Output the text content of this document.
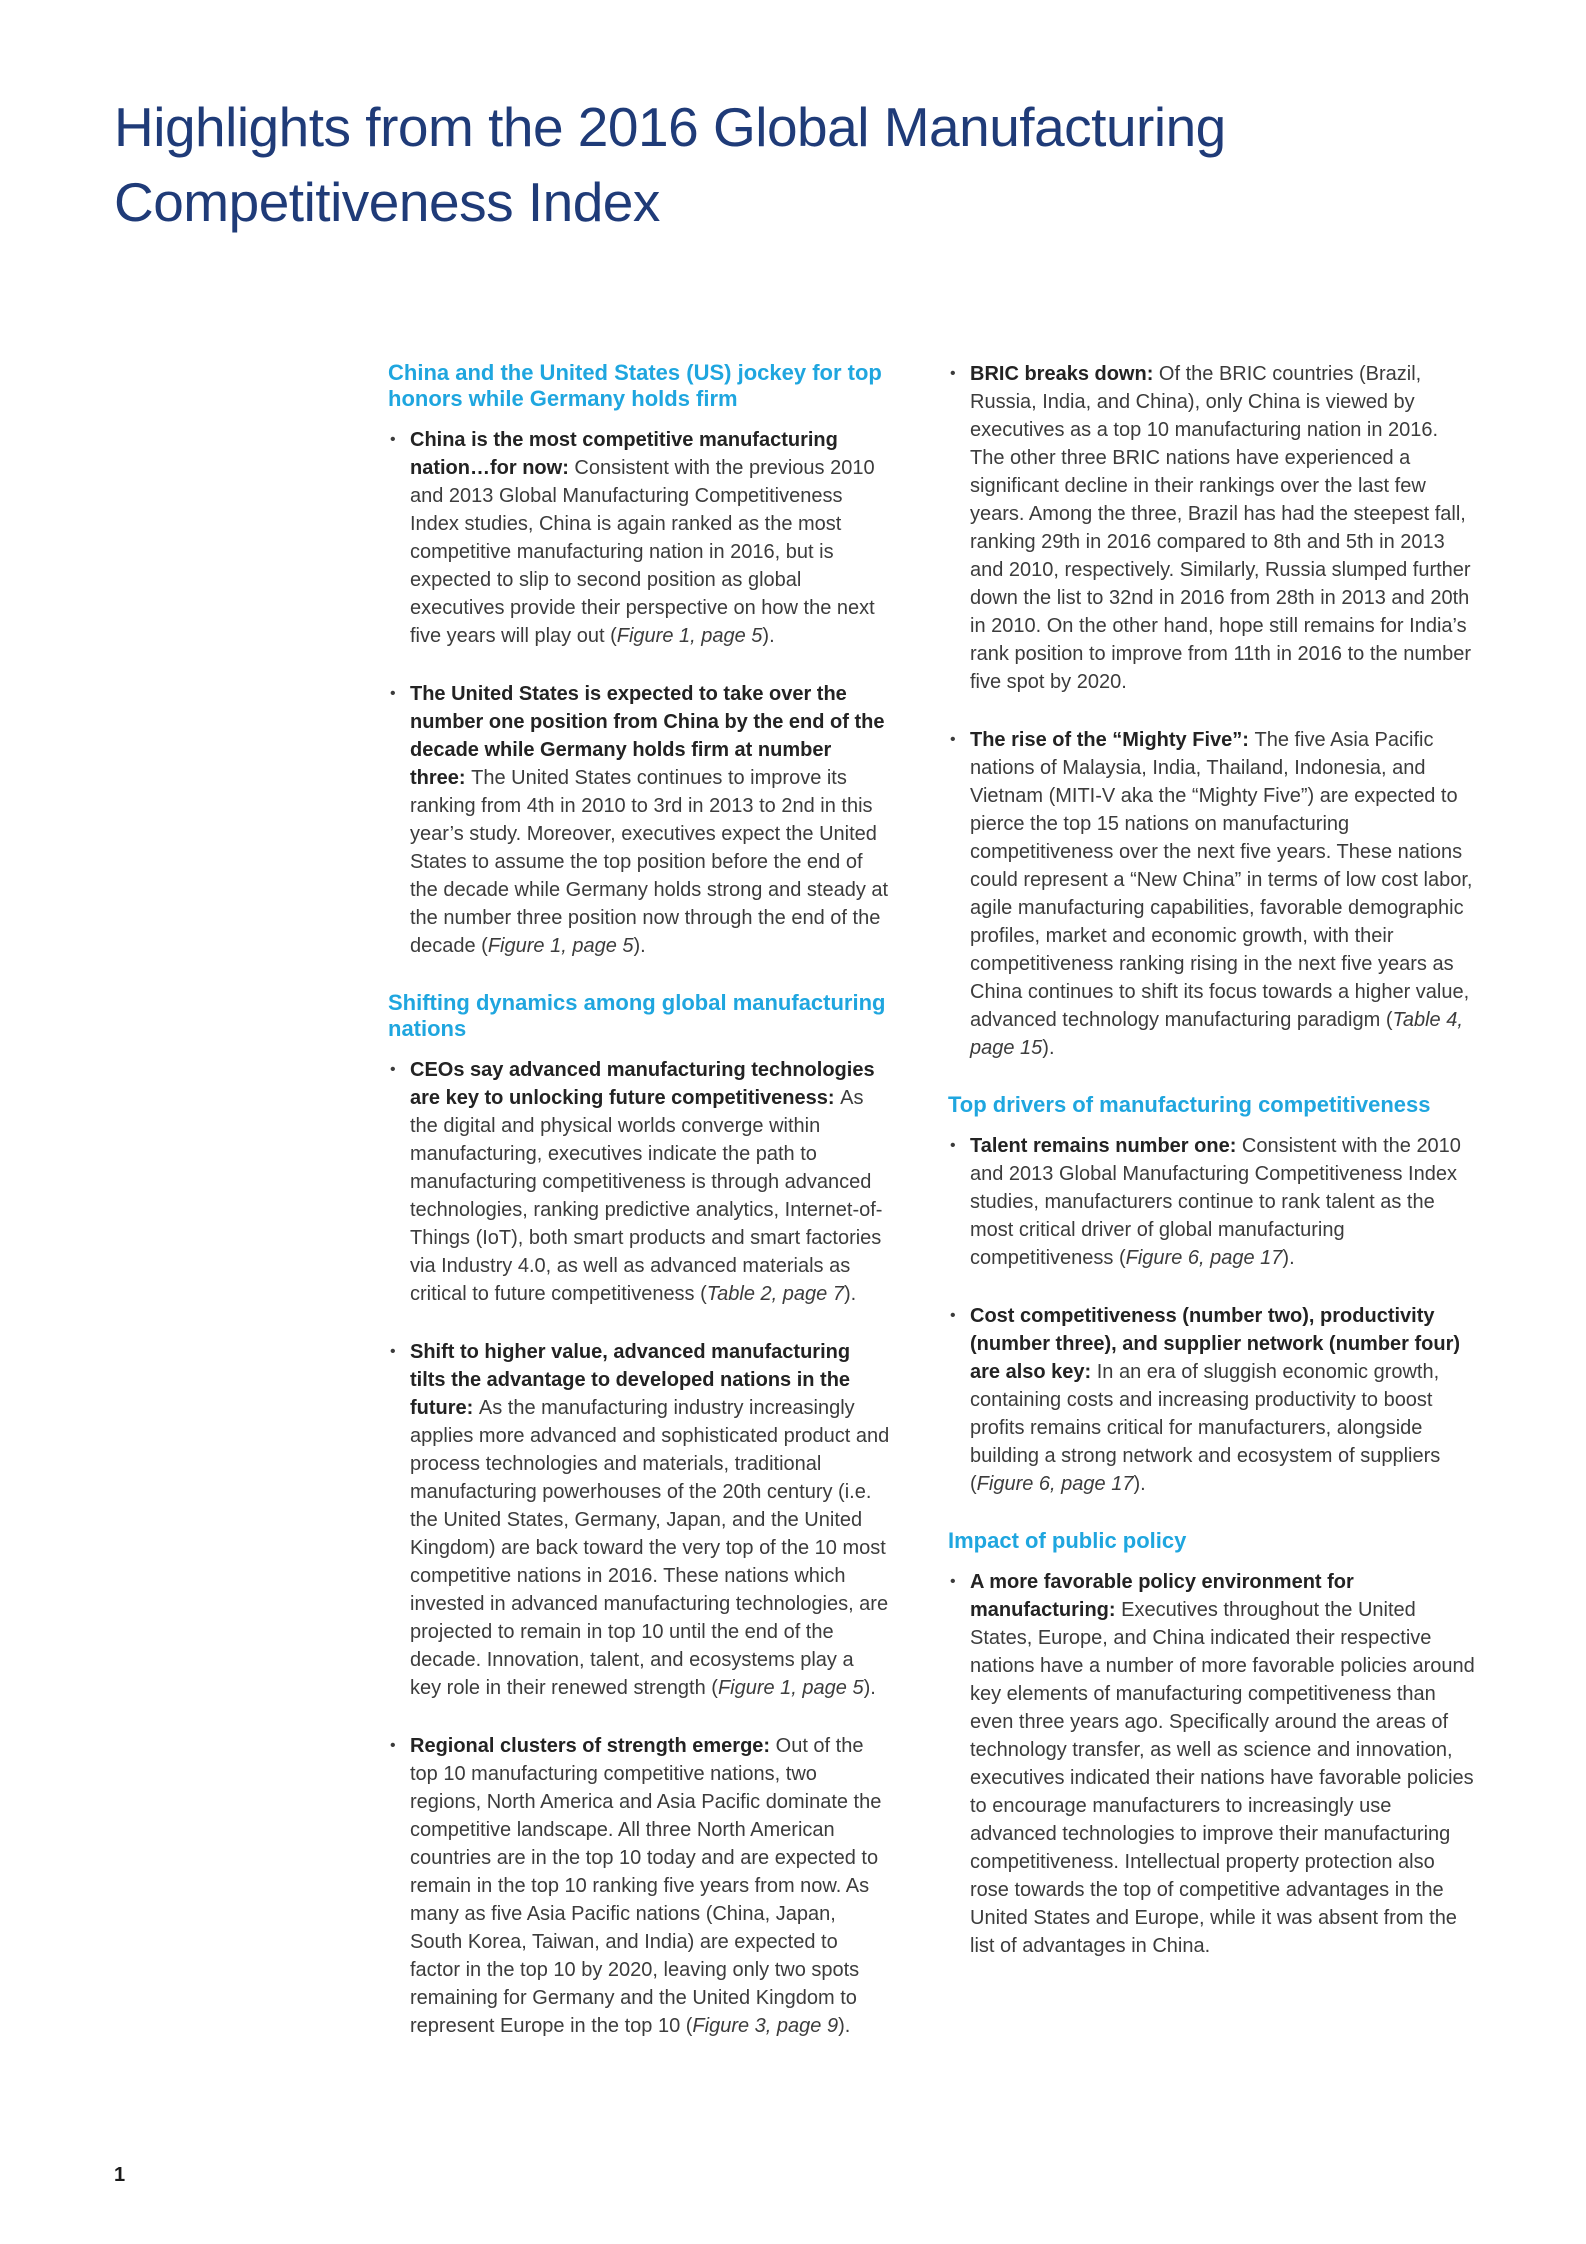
Highlights from the 2016 Global Manufacturing
Competitiveness Index
China and the United States (US) jockey for top honors while Germany holds firm
• China is the most competitive manufacturing nation…for now: Consistent with the previous 2010 and 2013 Global Manufacturing Competitiveness Index studies, China is again ranked as the most competitive manufacturing nation in 2016, but is expected to slip to second position as global executives provide their perspective on how the next five years will play out (Figure 1, page 5).

• The United States is expected to take over the number one position from China by the end of the decade while Germany holds firm at number three: The United States continues to improve its ranking from 4th in 2010 to 3rd in 2013 to 2nd in this year’s study. Moreover, executives expect the United States to assume the top position before the end of the decade while Germany holds strong and steady at the number three position now through the end of the decade (Figure 1, page 5).

Shifting dynamics among global manufacturing nations
• CEOs say advanced manufacturing technologies are key to unlocking future competitiveness: As the digital and physical worlds converge within manufacturing, executives indicate the path to manufacturing competitiveness is through advanced technologies, ranking predictive analytics, Internet-of-Things (IoT), both smart products and smart factories via Industry 4.0, as well as advanced materials as critical to future competitiveness (Table 2, page 7).

• Shift to higher value, advanced manufacturing tilts the advantage to developed nations in the future: As the manufacturing industry increasingly applies more advanced and sophisticated product and process technologies and materials, traditional manufacturing powerhouses of the 20th century (i.e. the United States, Germany, Japan, and the United Kingdom) are back toward the very top of the 10 most competitive nations in 2016. These nations which invested in advanced manufacturing technologies, are projected to remain in top 10 until the end of the decade. Innovation, talent, and ecosystems play a key role in their renewed strength (Figure 1, page 5).

• Regional clusters of strength emerge: Out of the top 10 manufacturing competitive nations, two regions, North America and Asia Pacific dominate the competitive landscape. All three North American countries are in the top 10 today and are expected to remain in the top 10 ranking five years from now. As many as five Asia Pacific nations (China, Japan, South Korea, Taiwan, and India) are expected to factor in the top 10 by 2020, leaving only two spots remaining for Germany and the United Kingdom to represent Europe in the top 10 (Figure 3, page 9).

• BRIC breaks down: Of the BRIC countries (Brazil, Russia, India, and China), only China is viewed by executives as a top 10 manufacturing nation in 2016. The other three BRIC nations have experienced a significant decline in their rankings over the last few years. Among the three, Brazil has had the steepest fall, ranking 29th in 2016 compared to 8th and 5th in 2013 and 2010, respectively. Similarly, Russia slumped further down the list to 32nd in 2016 from 28th in 2013 and 20th in 2010. On the other hand, hope still remains for India’s rank position to improve from 11th in 2016 to the number five spot by 2020.

• The rise of the “Mighty Five”: The five Asia Pacific nations of Malaysia, India, Thailand, Indonesia, and Vietnam (MITI-V aka the “Mighty Five”) are expected to pierce the top 15 nations on manufacturing competitiveness over the next five years. These nations could represent a “New China” in terms of low cost labor, agile manufacturing capabilities, favorable demographic profiles, market and economic growth, with their competitiveness ranking rising in the next five years as China continues to shift its focus towards a higher value, advanced technology manufacturing paradigm (Table 4, page 15).

Top drivers of manufacturing competitiveness
• Talent remains number one: Consistent with the 2010 and 2013 Global Manufacturing Competitiveness Index studies, manufacturers continue to rank talent as the most critical driver of global manufacturing competitiveness (Figure 6, page 17).

• Cost competitiveness (number two), productivity (number three), and supplier network (number four) are also key: In an era of sluggish economic growth, containing costs and increasing productivity to boost profits remains critical for manufacturers, alongside building a strong network and ecosystem of suppliers (Figure 6, page 17).

Impact of public policy
• A more favorable policy environment for manufacturing: Executives throughout the United States, Europe, and China indicated their respective nations have a number of more favorable policies around key elements of manufacturing competitiveness than even three years ago. Specifically around the areas of technology transfer, as well as science and innovation, executives indicated their nations have favorable policies to encourage manufacturers to increasingly use advanced technologies to improve their manufacturing competitiveness. Intellectual property protection also rose towards the top of competitive advantages in the United States and Europe, while it was absent from the list of advantages in China.

1
